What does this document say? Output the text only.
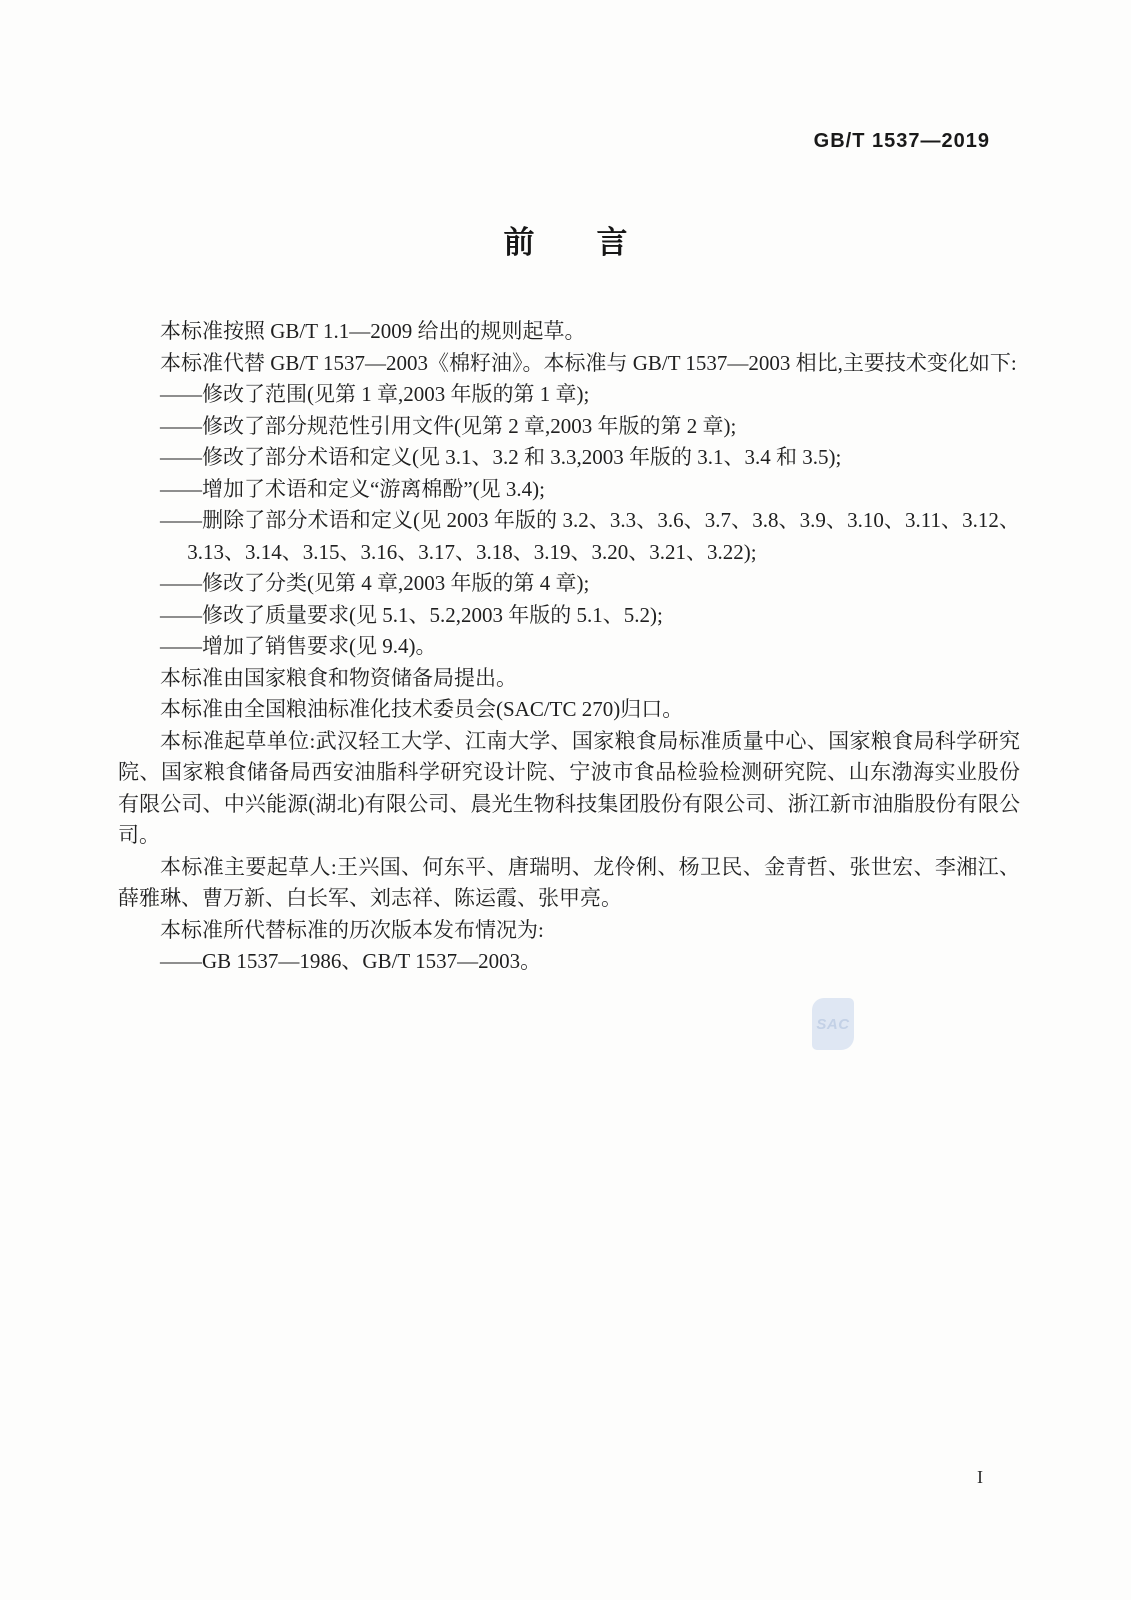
GB/T 1537—2019
前　　言

本标准按照 GB/T 1.1—2009 给出的规则起草。

本标准代替 GB/T 1537—2003《棉籽油》。本标准与 GB/T 1537—2003 相比,主要技术变化如下:

——修改了范围(见第 1 章,2003 年版的第 1 章);

——修改了部分规范性引用文件(见第 2 章,2003 年版的第 2 章);

——修改了部分术语和定义(见 3.1、3.2 和 3.3,2003 年版的 3.1、3.4 和 3.5);

——增加了术语和定义“游离棉酚”(见 3.4);

——删除了部分术语和定义(见 2003 年版的 3.2、3.3、3.6、3.7、3.8、3.9、3.10、3.11、3.12、3.13、3.14、3.15、3.16、3.17、3.18、3.19、3.20、3.21、3.22);

——修改了分类(见第 4 章,2003 年版的第 4 章);

——修改了质量要求(见 5.1、5.2,2003 年版的 5.1、5.2);

——增加了销售要求(见 9.4)。

本标准由国家粮食和物资储备局提出。

本标准由全国粮油标准化技术委员会(SAC/TC 270)归口。

本标准起草单位:武汉轻工大学、江南大学、国家粮食局标准质量中心、国家粮食局科学研究院、国家粮食储备局西安油脂科学研究设计院、宁波市食品检验检测研究院、山东渤海实业股份有限公司、中兴能源(湖北)有限公司、晨光生物科技集团股份有限公司、浙江新市油脂股份有限公司。

本标准主要起草人:王兴国、何东平、唐瑞明、龙伶俐、杨卫民、金青哲、张世宏、李湘江、薛雅琳、曹万新、白长军、刘志祥、陈运霞、张甲亮。

本标准所代替标准的历次版本发布情况为:

——GB 1537—1986、GB/T 1537—2003。

SAC
I
